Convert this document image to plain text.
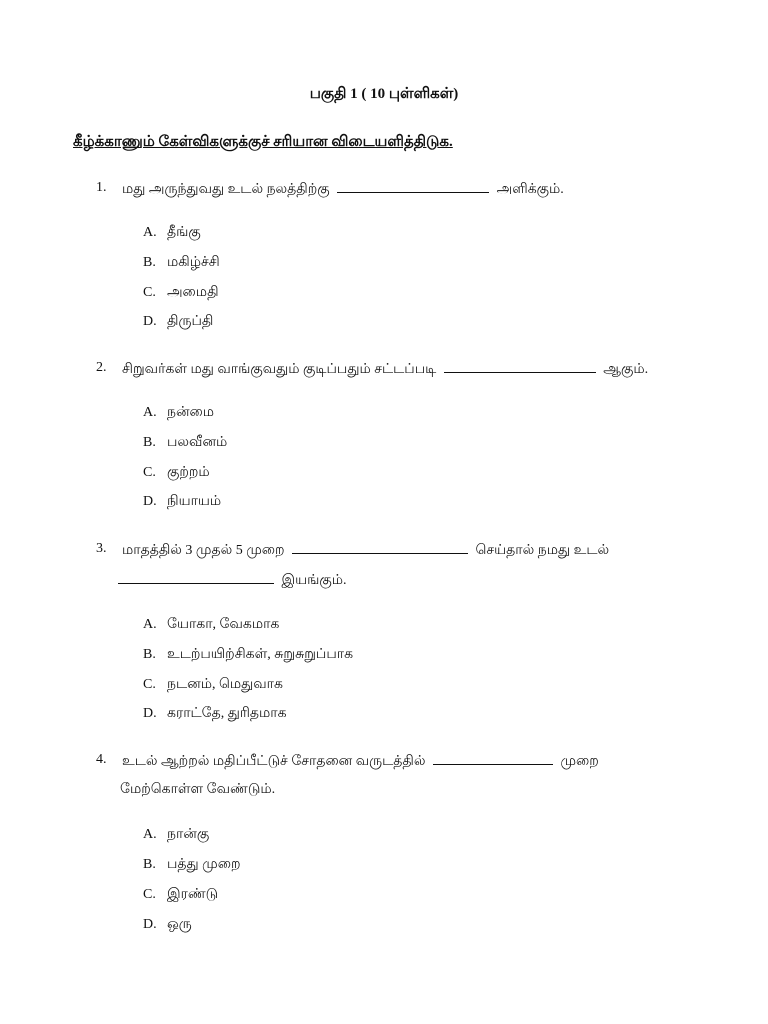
பகுதி 1 ( 10 புள்ளிகள்)
கீழ்க்காணும் கேள்விகளுக்குச் சரியான விடையளித்திடுக.
1. மது அருந்துவது உடல் நலத்திற்கு	அளிக்கும்.
A. தீங்கு
B. மகிழ்ச்சி
C. அமைதி
D. திருப்தி
2. சிறுவர்கள் மது வாங்குவதும் குடிப்பதும் சட்டப்படி	ஆகும்.
A. நன்மை
B. பலவீனம்
C. குற்றம்
D. நியாயம்
3. மாதத்தில் 3 முதல் 5 முறை	செய்தால் நமது உடல்
இயங்கும்.
A. யோகா, வேகமாக
B. உடற்பயிற்சிகள், சுறுசுறுப்பாக
C. நடனம், மெதுவாக
D. கராட்தே, துரிதமாக
4. உடல் ஆற்றல் மதிப்பீட்டுச் சோதனை வருடத்தில்	முறை
மேற்கொள்ள வேண்டும்.
A. நான்கு
B. பத்து முறை
C. இரண்டு
D. ஒரு
